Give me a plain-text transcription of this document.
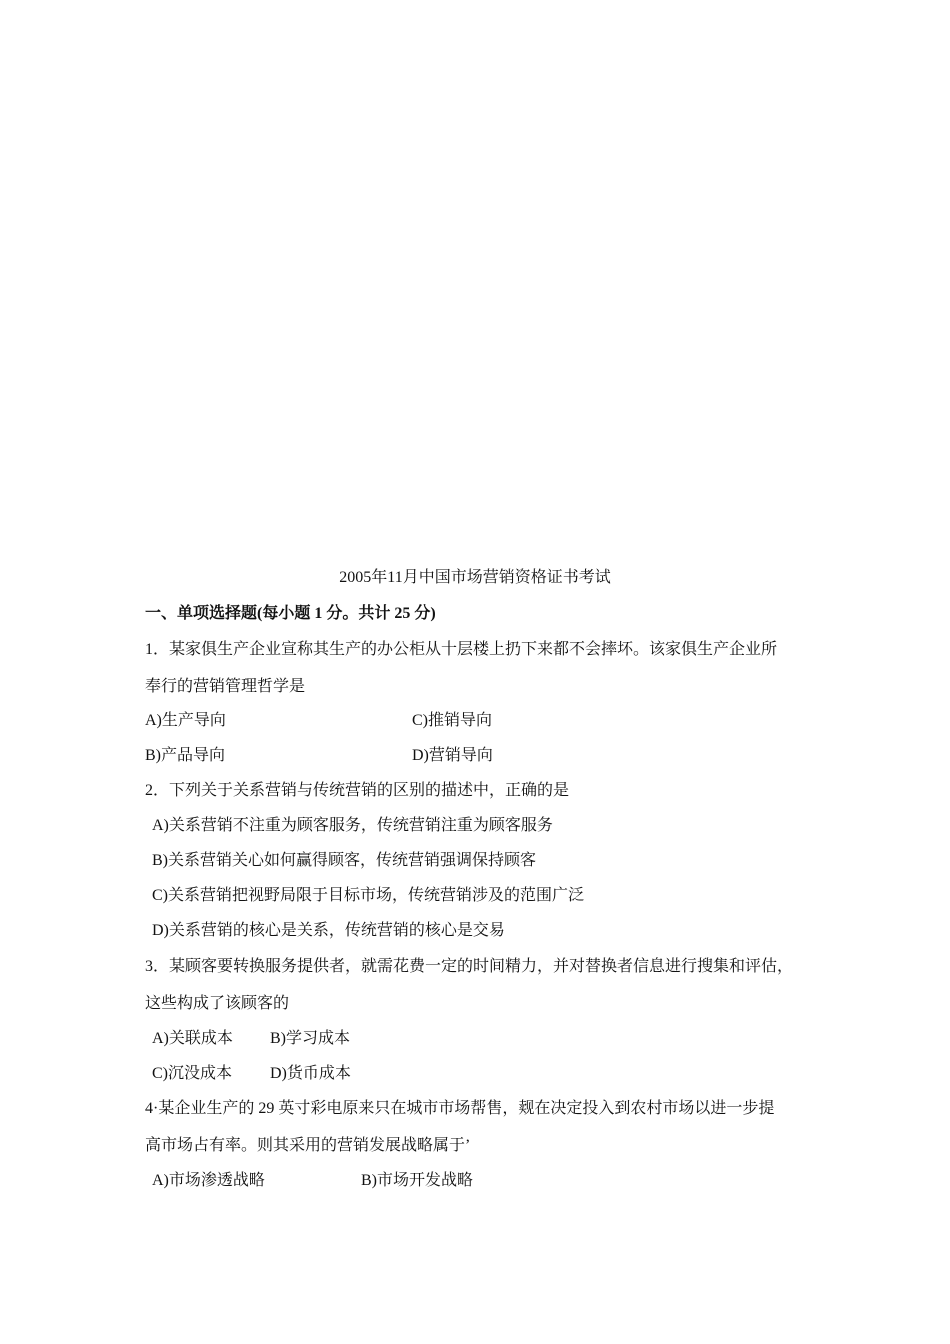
2005年11月中国市场营销资格证书考试
一、单项选择题(每小题 1 分。共计 25 分)
1．某家俱生产企业宣称其生产的办公柜从十层楼上扔下来都不会摔坏。该家俱生产企业所
奉行的营销管理哲学是
A)生产导向	C)推销导向
B)产品导向	D)营销导向
2．下列关于关系营销与传统营销的区别的描述中，正确的是
A)关系营销不注重为顾客服务，传统营销注重为顾客服务
B)关系营销关心如何赢得顾客，传统营销强调保持顾客
C)关系营销把视野局限于目标市场，传统营销涉及的范围广泛
D)关系营销的核心是关系，传统营销的核心是交易
3．某顾客要转换服务提供者，就需花费一定的时间精力，并对替换者信息进行搜集和评估，
这些构成了该顾客的
A)关联成本 B)学习成本
C)沉没成本 D)货币成本
4·某企业生产的 29 英寸彩电原来只在城市市场帮售，觌在决定投入到农村市场以进一步提
高市场占有率。则其采用的营销发展战略属于’
A)市场渗透战略	B)市场开发战略
